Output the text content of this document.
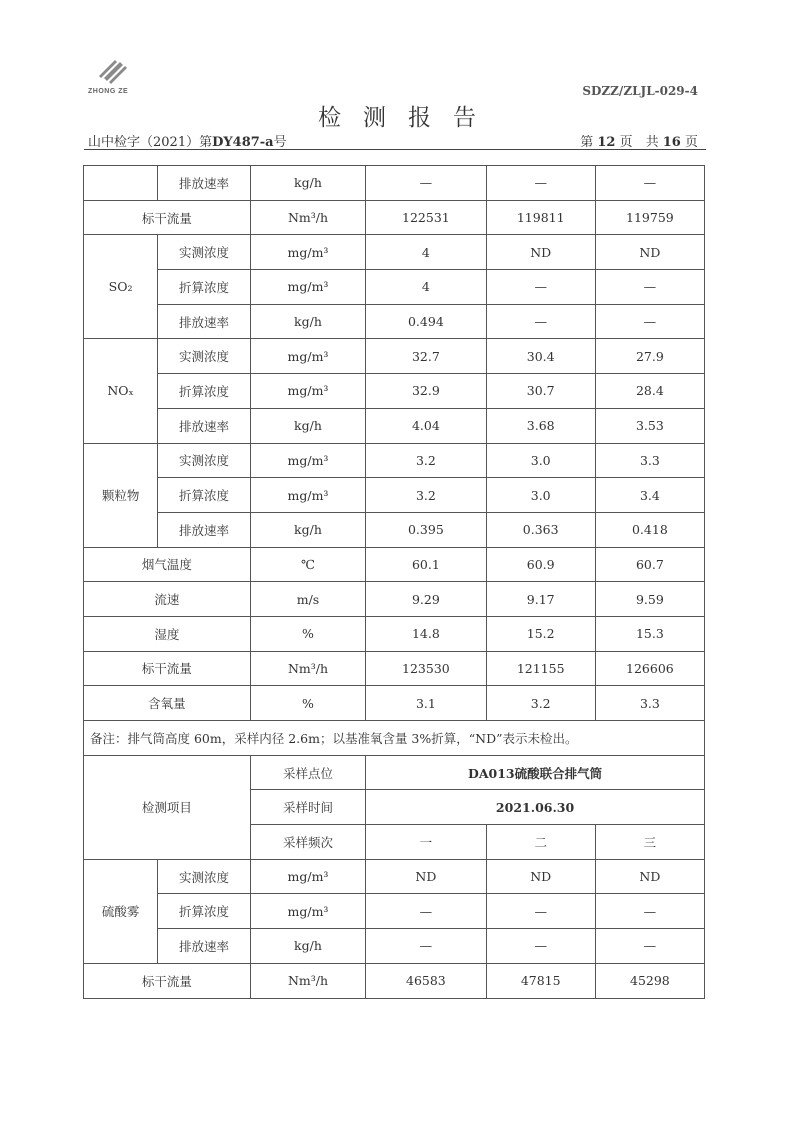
ZHONG ZE	SDZZ/ZLJL-029-4
检测报告
山中检字（2021）第DY487-a号	第 12 页　共 16 页
	排放速率	kg/h	—	—	—
标干流量		Nm³/h	122531	119811	119759
SO₂	实测浓度	mg/m³	4	ND	ND
	折算浓度	mg/m³	4	—	—
	排放速率	kg/h	0.494	—	—
NOₓ	实测浓度	mg/m³	32.7	30.4	27.9
	折算浓度	mg/m³	32.9	30.7	28.4
	排放速率	kg/h	4.04	3.68	3.53
颗粒物	实测浓度	mg/m³	3.2	3.0	3.3
	折算浓度	mg/m³	3.2	3.0	3.4
	排放速率	kg/h	0.395	0.363	0.418
烟气温度		℃	60.1	60.9	60.7
流速		m/s	9.29	9.17	9.59
湿度		%	14.8	15.2	15.3
标干流量		Nm³/h	123530	121155	126606
含氧量		%	3.1	3.2	3.3
备注：排气筒高度 60m，采样内径 2.6m；以基准氧含量 3%折算，“ND”表示未检出。					
检测项目		采样点位	DA013硫酸联合排气筒		
		采样时间	2021.06.30		
		采样频次	一	二	三
硫酸雾	实测浓度	mg/m³	ND	ND	ND
	折算浓度	mg/m³	—	—	—
	排放速率	kg/h	—	—	—
标干流量		Nm³/h	46583	47815	45298
